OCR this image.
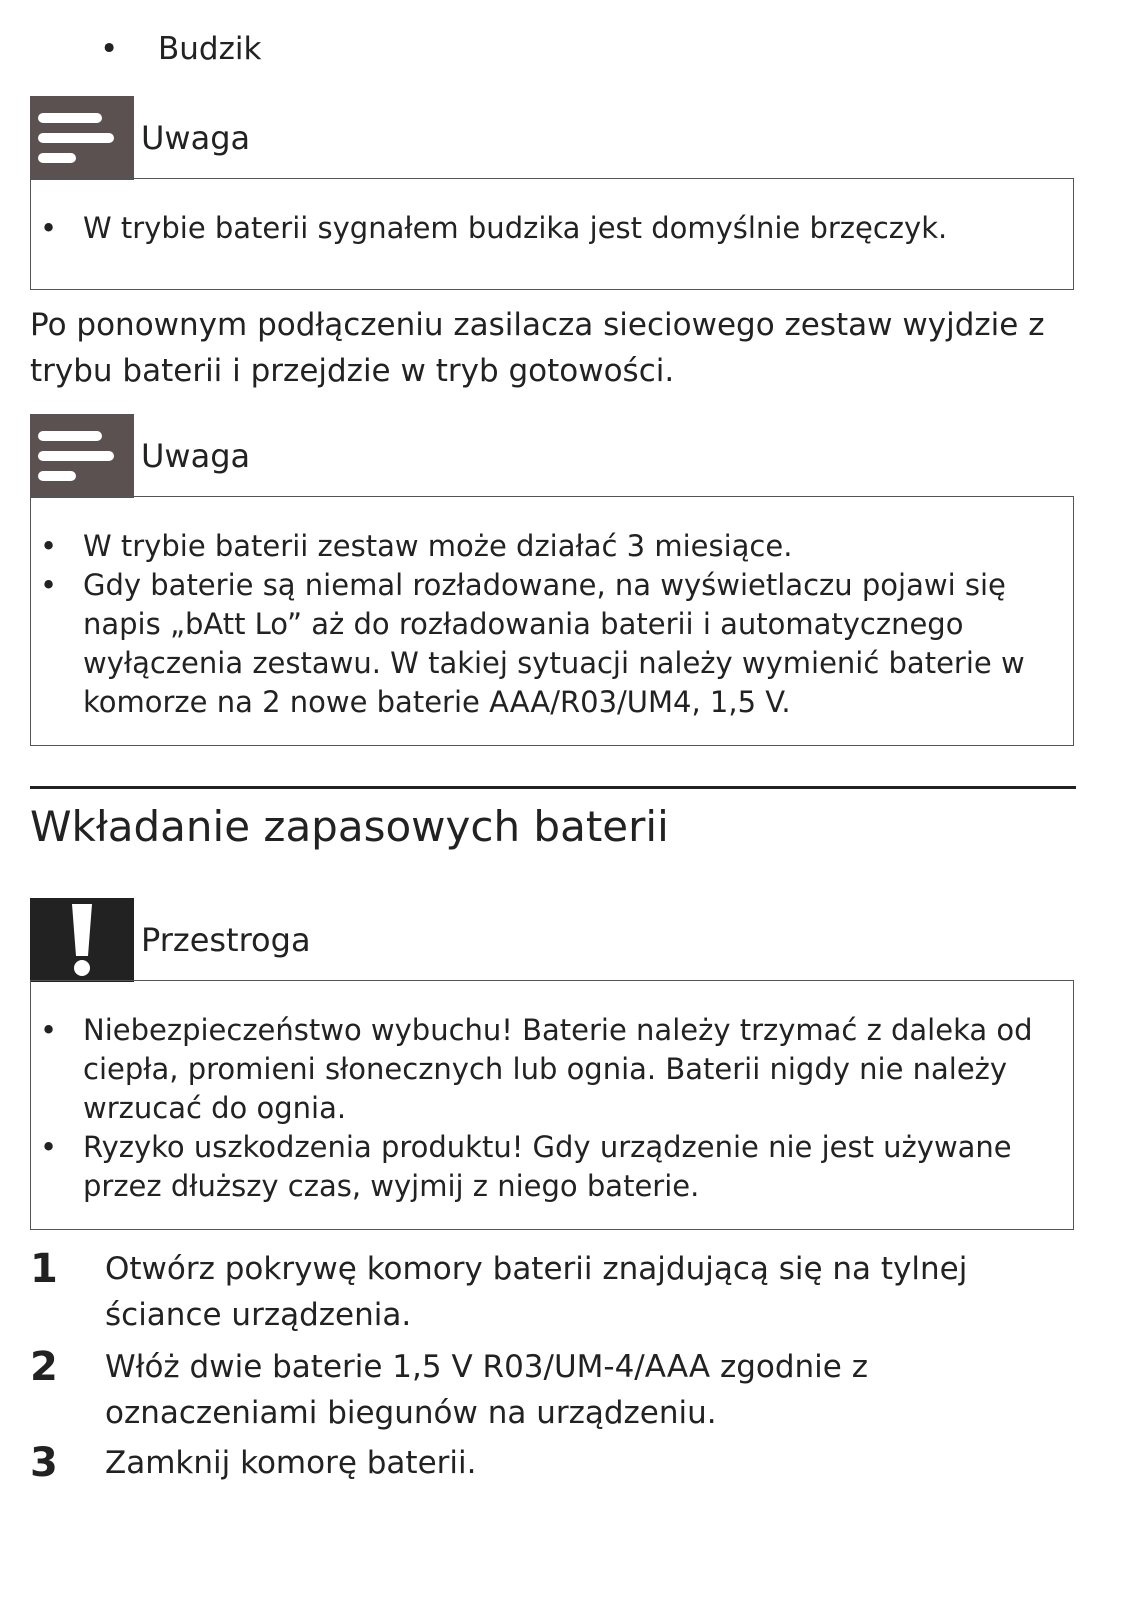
• Budzik
Uwaga
• W trybie baterii sygnałem budzika jest domyślnie brzęczyk.
Po ponownym podłączeniu zasilacza sieciowego zestaw wyjdzie z trybu baterii i przejdzie w tryb gotowości.
Uwaga
• W trybie baterii zestaw może działać 3 miesiące.
• Gdy baterie są niemal rozładowane, na wyświetlaczu pojawi się napis „bAtt Lo” aż do rozładowania baterii i automatycznego wyłączenia zestawu. W takiej sytuacji należy wymienić baterie w komorze na 2 nowe baterie AAA/R03/UM4, 1,5 V.
Wkładanie zapasowych baterii
Przestroga
• Niebezpieczeństwo wybuchu! Baterie należy trzymać z daleka od ciepła, promieni słonecznych lub ognia. Baterii nigdy nie należy wrzucać do ognia.
• Ryzyko uszkodzenia produktu! Gdy urządzenie nie jest używane przez dłuższy czas, wyjmij z niego baterie.
1 Otwórz pokrywę komory baterii znajdującą się na tylnej ściance urządzenia.
2 Włóż dwie baterie 1,5 V R03/UM-4/AAA zgodnie z oznaczeniami biegunów na urządzeniu.
3 Zamknij komorę baterii.
